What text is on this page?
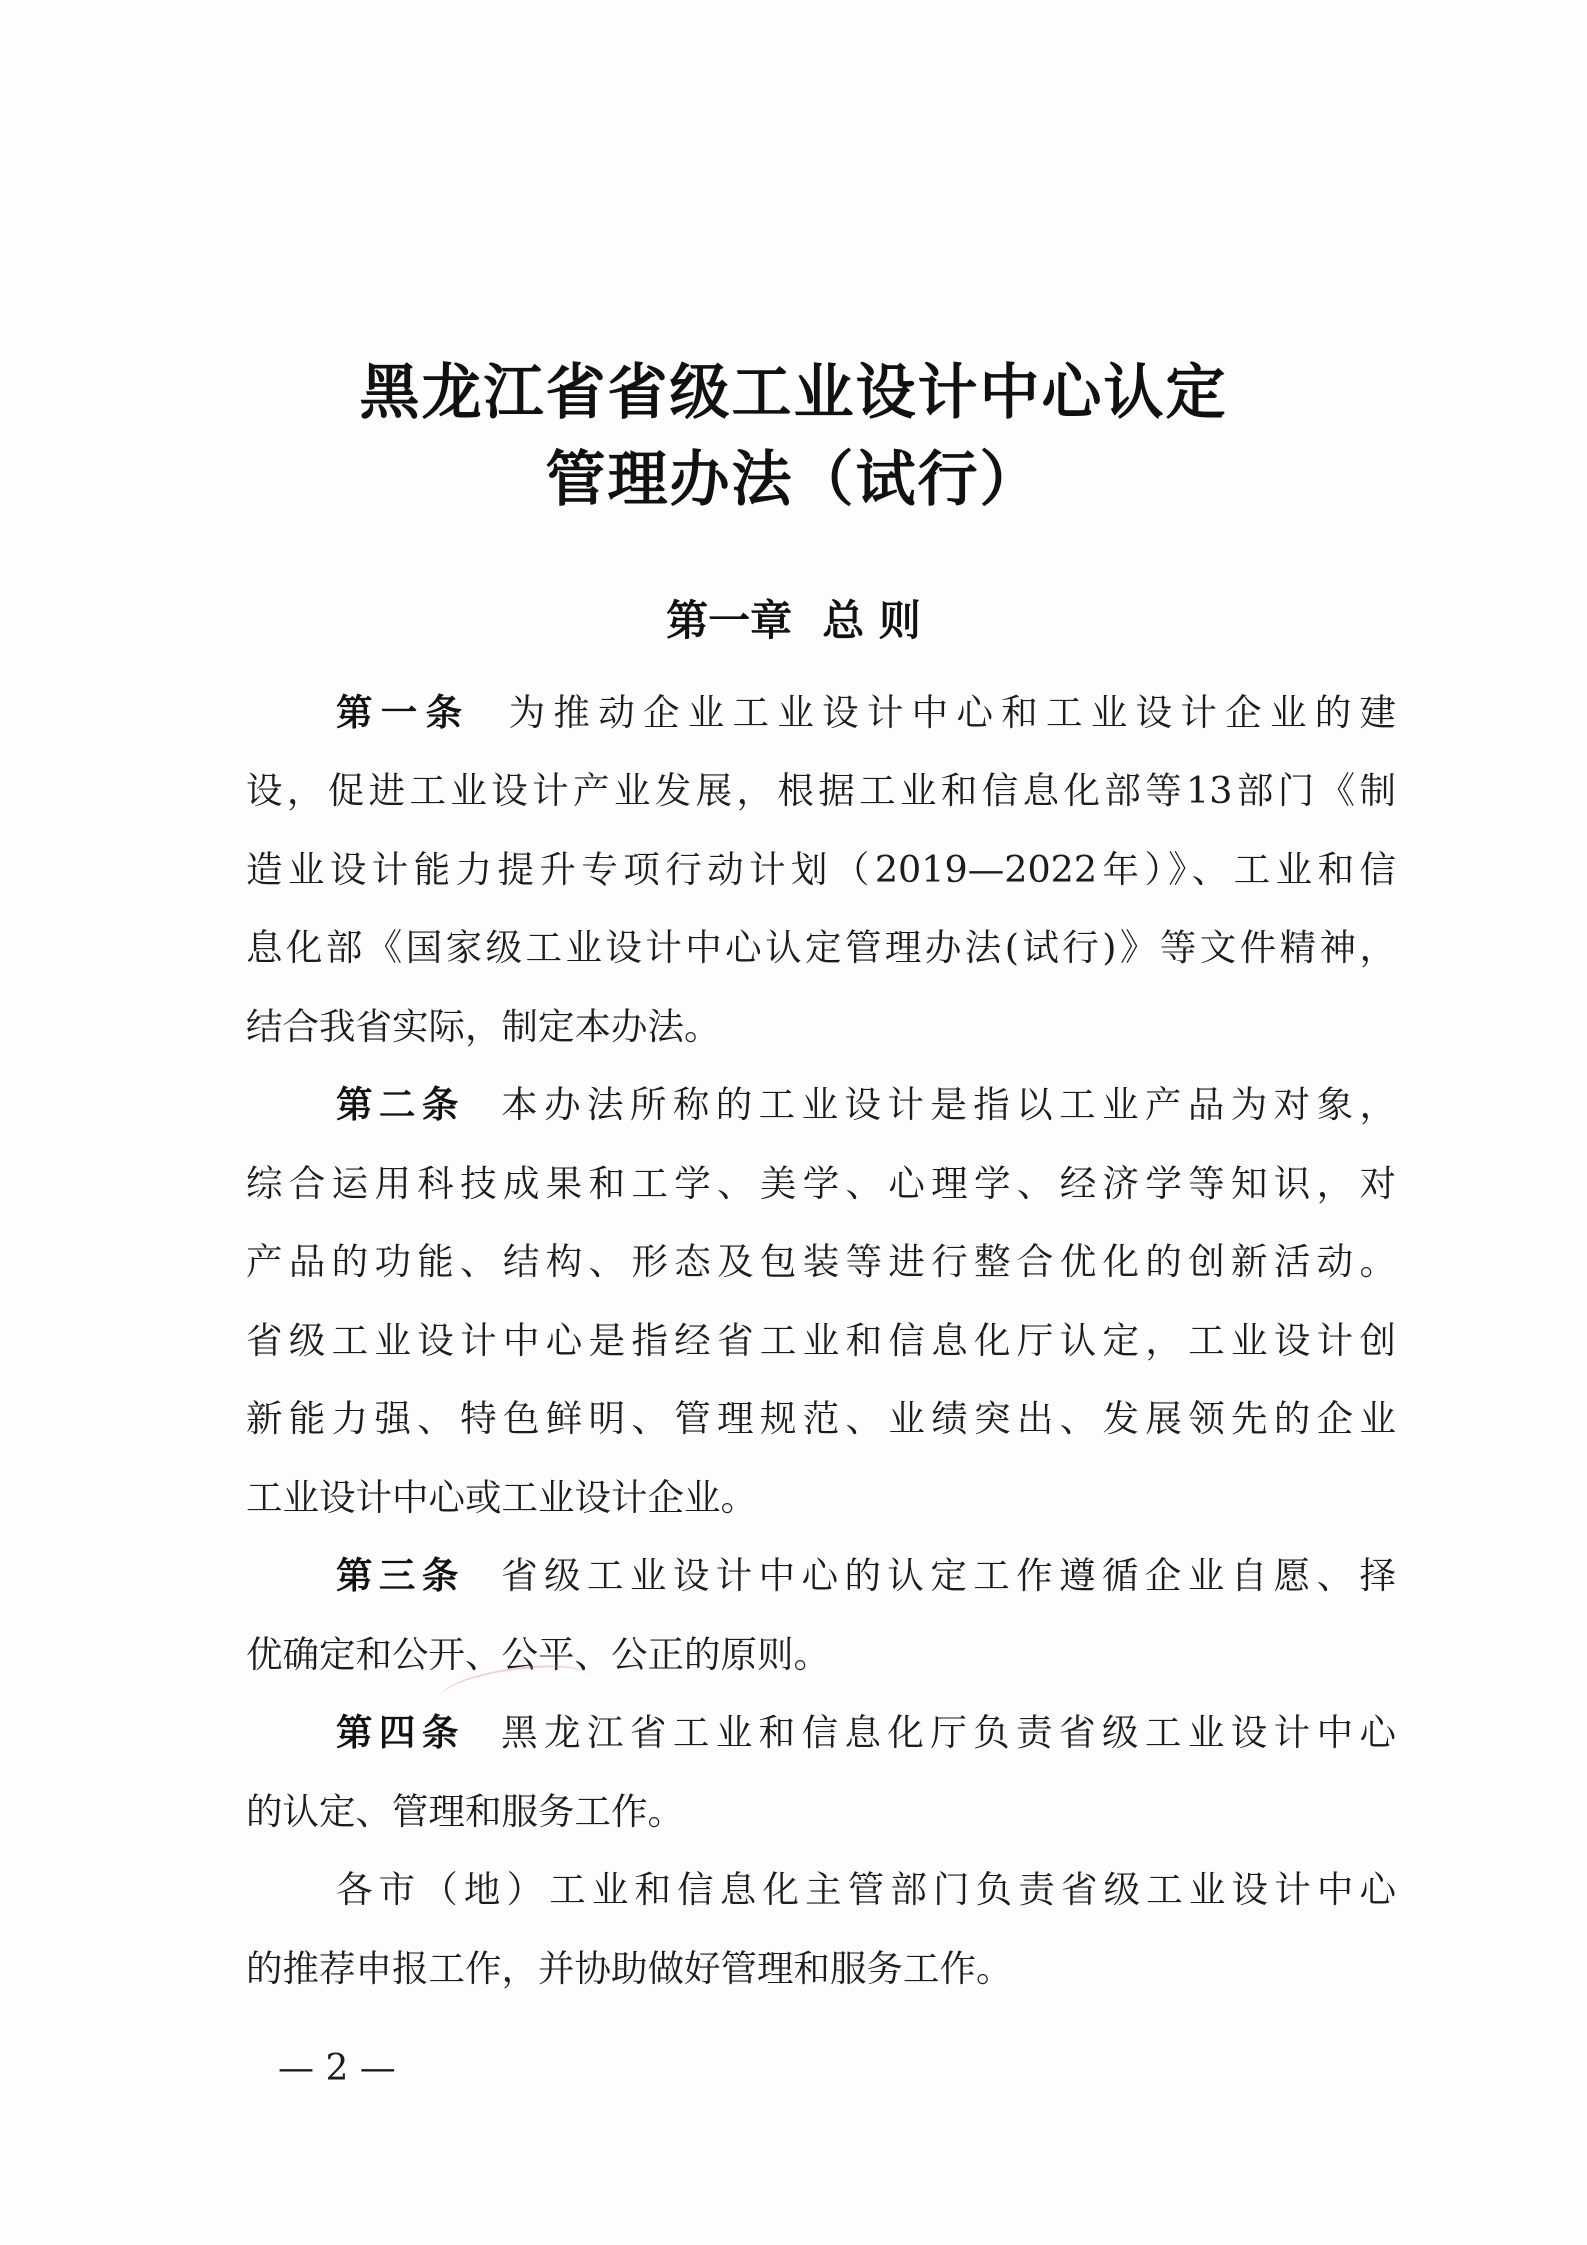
黑龙江省省级工业设计中心认定
管理办法（试行）
第一章 总 则
第一条 为推动企业工业设计中心和工业设计企业的建
设，促进工业设计产业发展，根据工业和信息化部等13部门《制
造业设计能力提升专项行动计划（2019—2022年）》、工业和信
息化部《国家级工业设计中心认定管理办法(试行)》等文件精神，
结合我省实际，制定本办法。
第二条 本办法所称的工业设计是指以工业产品为对象，
综合运用科技成果和工学、美学、心理学、经济学等知识，对
产品的功能、结构、形态及包装等进行整合优化的创新活动。
省级工业设计中心是指经省工业和信息化厅认定，工业设计创
新能力强、特色鲜明、管理规范、业绩突出、发展领先的企业
工业设计中心或工业设计企业。
第三条 省级工业设计中心的认定工作遵循企业自愿、择
优确定和公开、公平、公正的原则。
第四条 黑龙江省工业和信息化厅负责省级工业设计中心
的认定、管理和服务工作。
各市（地）工业和信息化主管部门负责省级工业设计中心
的推荐申报工作，并协助做好管理和服务工作。
— 2 —
